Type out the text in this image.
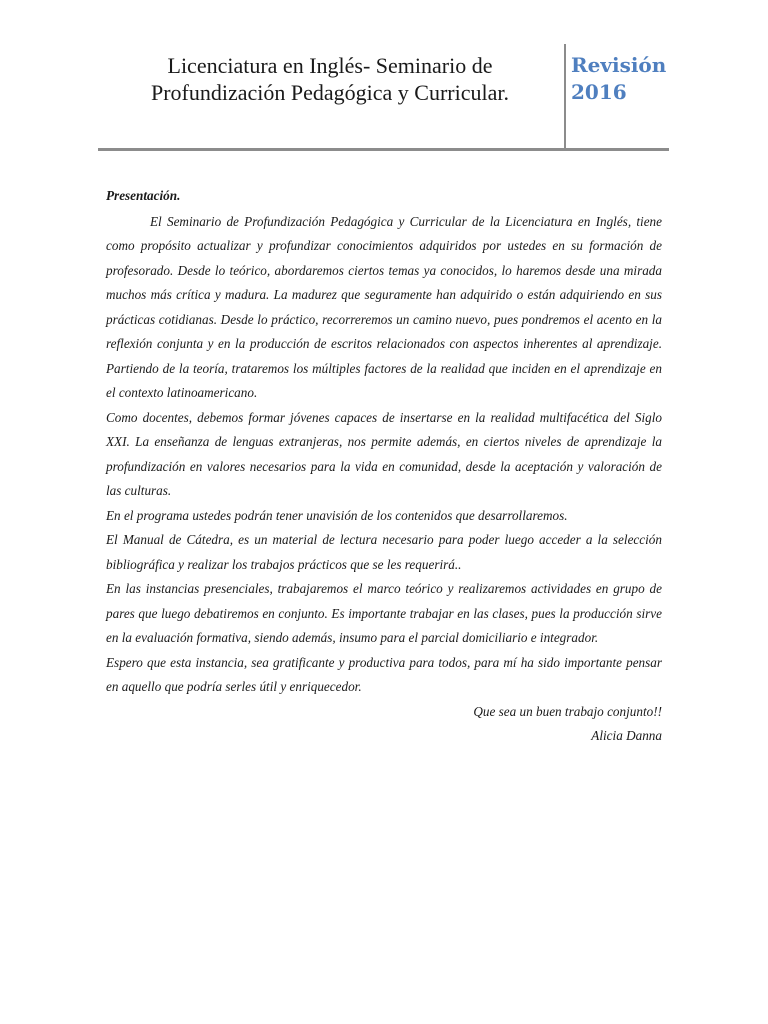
Licenciatura en Inglés- Seminario de
Profundización Pedagógica y Curricular.
Revisión
2016
Presentación.

El Seminario de Profundización Pedagógica y Curricular de la Licenciatura en Inglés, tiene como propósito actualizar y profundizar conocimientos adquiridos por ustedes en su formación de profesorado. Desde lo teórico, abordaremos ciertos temas ya conocidos, lo haremos desde una mirada muchos más crítica y madura. La madurez que seguramente han adquirido o están adquiriendo en sus prácticas cotidianas. Desde lo práctico, recorreremos un camino nuevo, pues pondremos el acento en la reflexión conjunta y en la producción de escritos relacionados con aspectos inherentes al aprendizaje. Partiendo de la teoría, trataremos los múltiples factores de la realidad que inciden en el aprendizaje en el contexto latinoamericano.

Como docentes, debemos formar jóvenes capaces de insertarse en la realidad multifacética del Siglo XXI. La enseñanza de lenguas extranjeras, nos permite además, en ciertos niveles de aprendizaje la profundización en valores necesarios para la vida en comunidad, desde la aceptación y valoración de las culturas.

En el programa ustedes podrán tener unavisión de los contenidos que desarrollaremos.

El Manual de Cátedra, es un material de lectura necesario para poder luego acceder a la selección bibliográfica y realizar los trabajos prácticos que se les requerirá..

En las instancias presenciales, trabajaremos el marco teórico y realizaremos actividades en grupo de pares que luego debatiremos en conjunto. Es importante trabajar en las clases, pues la producción sirve en la evaluación formativa, siendo además, insumo para el parcial domiciliario e integrador.

Espero que esta instancia, sea gratificante y productiva para todos, para mí ha sido importante pensar en aquello que podría serles útil y enriquecedor.

Que sea un buen trabajo conjunto!!

Alicia Danna
